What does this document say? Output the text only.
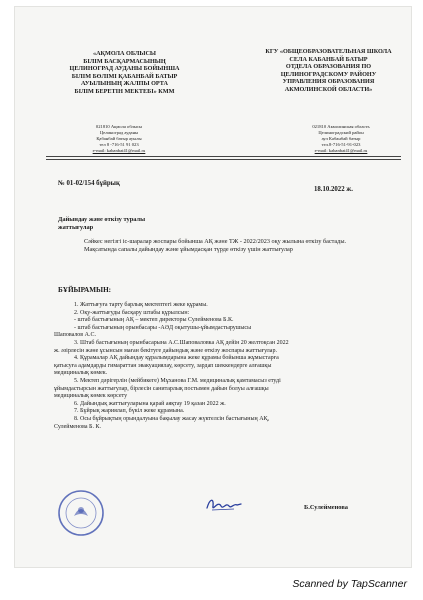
«АҚМОЛА ОБЛЫСЫ
БІЛІМ БАСҚАРМАСЫНЫҢ
ЦЕЛИНОГРАД АУДАНЫ БОЙЫНША
БІЛІМ БӨЛІМІ ҚАБАНБАЙ БАТЫР
АУЫЛЫНЫҢ ЖАЛПЫ ОРТА
БІЛІМ БЕРЕТІН МЕКТЕБІ» КММ
КГУ «ОБЩЕОБРАЗОВАТЕЛЬНАЯ ШКОЛА
СЕЛА КАБАНБАЙ БАТЫР
ОТДЕЛА ОБРАЗОВАНИЯ ПО
ЦЕЛИНОГРАДСКОМУ РАЙОНУ
УПРАВЛЕНИЯ ОБРАЗОВАНИЯ
АКМОЛИНСКОЙ ОБЛАСТИ»
021810 Ақмола облысы
Целиноград ауданы
Қабанбай батыр ауылы
тел 8 -716-51 91 023
e-mail: kabanbai41@mail.ru
021810 Акмолинская область
Целиноградский район
аул Кабанбай батыр
тел.8-716-51-91-023
e-mail: kabanbai41@mail.ru
№ 01-02/154 бұйрық
18.10.2022 ж.
Дайындау және өткізу туралы
жаттығулар

Сәйкес негізгі іс-шаралар жоспары бойынша АҚ және ТЖ - 2022/2023 оқу жылына өткізу бастады.

Мақсатында сапалы дайындау және ұйымдасқан түрде өткізу үшін жаттығулар

БҰЙЫРАМЫН:

1. Жаттығуға тарту барлық мектептегі жеке құрамы.

2. Оқу-жаттығуды басқару штабы құрылсын:

- штаб бастығының АҚ – мектеп директоры Сулейменова Б.К.

- штаб бастығының орынбасары -АӘД оқытушы-ұйымдастырушысы

Шаповалов А.С.

3. Штаб бастығының орынбасарына А.С.Шаповаловка АҚ дейін 20 желтоқсан 2022

ж. әзірлесін және ұсынсын маған бекітуге дайындық және өткізу жоспары жаттығулар.

4. Құрамалар АҚ дайындау құралымдарына жеке құрамы бойынша жұмыстарға

қатысуға адамдарды гимараттан эвакуациялау, көрсету, зардап шеккендерге алғашқы

медициналық көмек.

5. Мектеп дәрігерлін (мейбикеге) Мұханова Г.М. медициналық қамтамасыз етуді

ұйымдастырсын жаттығулар, бірлесін санитарлық постымен дайын болуы алғашқы

медициналық көмек көрсету

6. Дайындық жаттығуларына қарай аяқтау 19 қазан 2022 ж.

7. Бұйрық жариялап, бүкіл жеке құрамына.

8. Осы бұйрықтың орындалуына бақылау жасау жүктелсін бастығының АҚ,

Сулейменова Б. К.

Б.Сулейменова
Scanned by TapScanner
